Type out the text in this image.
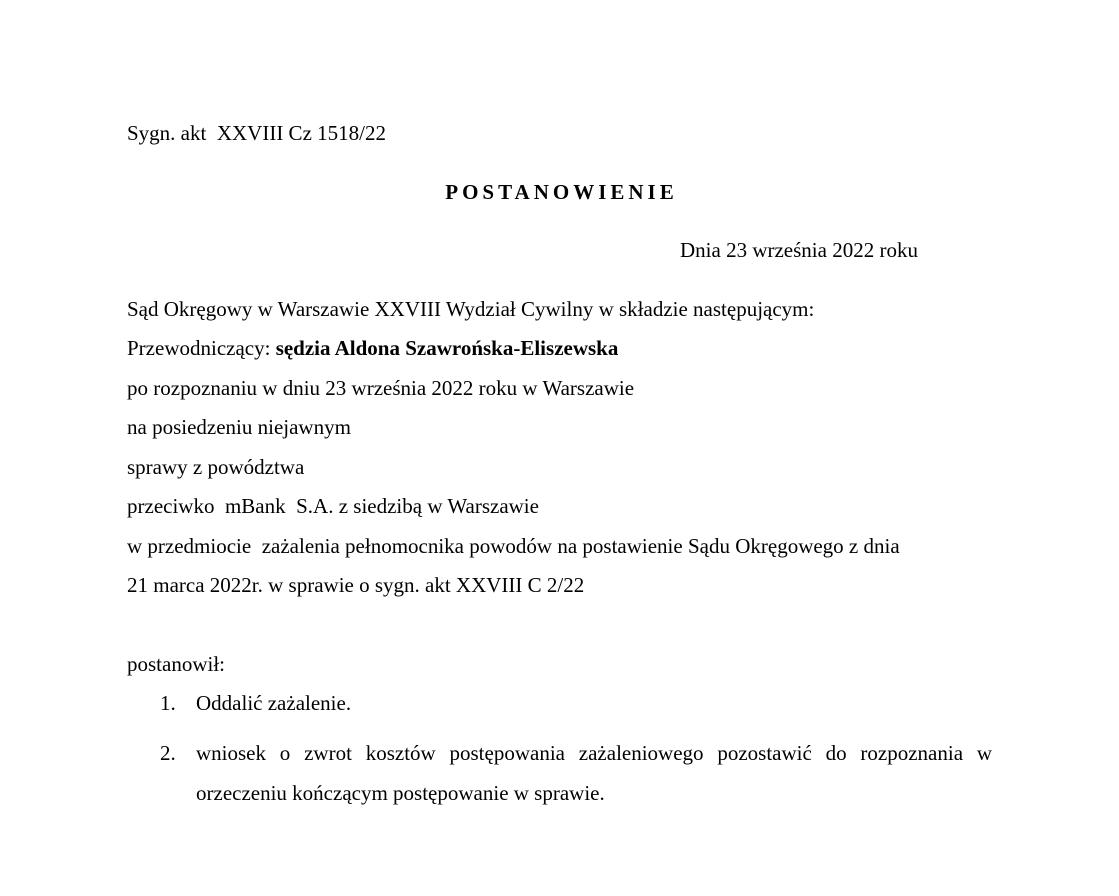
Sygn. akt  XXVIII Cz 1518/22
POSTANOWIENIE
Dnia 23 września 2022 roku
Sąd Okręgowy w Warszawie XXVIII Wydział Cywilny w składzie następującym:
Przewodniczący: sędzia Aldona Szawrońska-Eliszewska
po rozpoznaniu w dniu 23 września 2022 roku w Warszawie
na posiedzeniu niejawnym
sprawy z powództwa
przeciwko  mBank  S.A. z siedzibą w Warszawie
w przedmiocie  zażalenia pełnomocnika powodów na postawienie Sądu Okręgowego z dnia
21 marca 2022r. w sprawie o sygn. akt XXVIII C 2/22
postanowił:
1. Oddalić zażalenie.
2. wniosek o zwrot kosztów postępowania zażaleniowego pozostawić do rozpoznania w
orzeczeniu kończącym postępowanie w sprawie.
